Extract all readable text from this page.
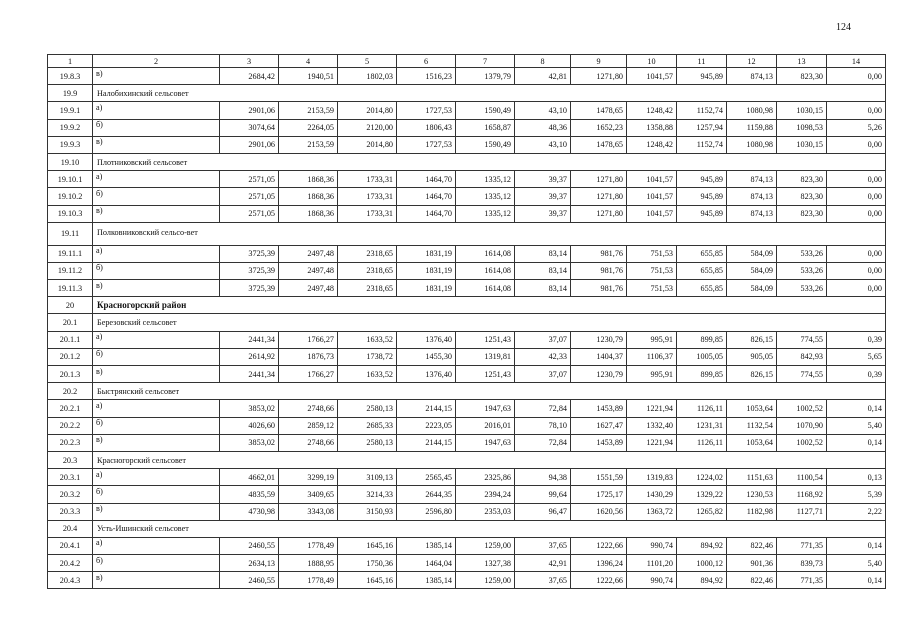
124
1	2	3	4	5	6	7	8	9	10	11	12	13	14
19.8.3	в)	2684,42	1940,51	1802,03	1516,23	1379,79	42,81	1271,80	1041,57	945,89	874,13	823,30	0,00
19.9	Налобихинский сельсовет												
19.9.1	а)	2901,06	2153,59	2014,80	1727,53	1590,49	43,10	1478,65	1248,42	1152,74	1080,98	1030,15	0,00
19.9.2	б)	3074,64	2264,05	2120,00	1806,43	1658,87	48,36	1652,23	1358,88	1257,94	1159,88	1098,53	5,26
19.9.3	в)	2901,06	2153,59	2014,80	1727,53	1590,49	43,10	1478,65	1248,42	1152,74	1080,98	1030,15	0,00
19.10	Плотниковский сельсовет												
19.10.1	а)	2571,05	1868,36	1733,31	1464,70	1335,12	39,37	1271,80	1041,57	945,89	874,13	823,30	0,00
19.10.2	б)	2571,05	1868,36	1733,31	1464,70	1335,12	39,37	1271,80	1041,57	945,89	874,13	823,30	0,00
19.10.3	в)	2571,05	1868,36	1733,31	1464,70	1335,12	39,37	1271,80	1041,57	945,89	874,13	823,30	0,00
19.11	Полковниковский сельсо-вет												

19.11.1	а)	3725,39	2497,48	2318,65	1831,19	1614,08	83,14	981,76	751,53	655,85	584,09	533,26	0,00
19.11.2	б)	3725,39	2497,48	2318,65	1831,19	1614,08	83,14	981,76	751,53	655,85	584,09	533,26	0,00
19.11.3	в)	3725,39	2497,48	2318,65	1831,19	1614,08	83,14	981,76	751,53	655,85	584,09	533,26	0,00
20	Красногорский район												
20.1	Березовский сельсовет												
20.1.1	а)	2441,34	1766,27	1633,52	1376,40	1251,43	37,07	1230,79	995,91	899,85	826,15	774,55	0,39
20.1.2	б)	2614,92	1876,73	1738,72	1455,30	1319,81	42,33	1404,37	1106,37	1005,05	905,05	842,93	5,65
20.1.3	в)	2441,34	1766,27	1633,52	1376,40	1251,43	37,07	1230,79	995,91	899,85	826,15	774,55	0,39
20.2	Быстрянский сельсовет												
20.2.1	а)	3853,02	2748,66	2580,13	2144,15	1947,63	72,84	1453,89	1221,94	1126,11	1053,64	1002,52	0,14
20.2.2	б)	4026,60	2859,12	2685,33	2223,05	2016,01	78,10	1627,47	1332,40	1231,31	1132,54	1070,90	5,40
20.2.3	в)	3853,02	2748,66	2580,13	2144,15	1947,63	72,84	1453,89	1221,94	1126,11	1053,64	1002,52	0,14
20.3	Красногорский сельсовет												
20.3.1	а)	4662,01	3299,19	3109,13	2565,45	2325,86	94,38	1551,59	1319,83	1224,02	1151,63	1100,54	0,13
20.3.2	б)	4835,59	3409,65	3214,33	2644,35	2394,24	99,64	1725,17	1430,29	1329,22	1230,53	1168,92	5,39
20.3.3	в)	4730,98	3343,08	3150,93	2596,80	2353,03	96,47	1620,56	1363,72	1265,82	1182,98	1127,71	2,22
20.4	Усть-Ишинский сельсовет												
20.4.1	а)	2460,55	1778,49	1645,16	1385,14	1259,00	37,65	1222,66	990,74	894,92	822,46	771,35	0,14
20.4.2	б)	2634,13	1888,95	1750,36	1464,04	1327,38	42,91	1396,24	1101,20	1000,12	901,36	839,73	5,40
20.4.3	в)	2460,55	1778,49	1645,16	1385,14	1259,00	37,65	1222,66	990,74	894,92	822,46	771,35	0,14
